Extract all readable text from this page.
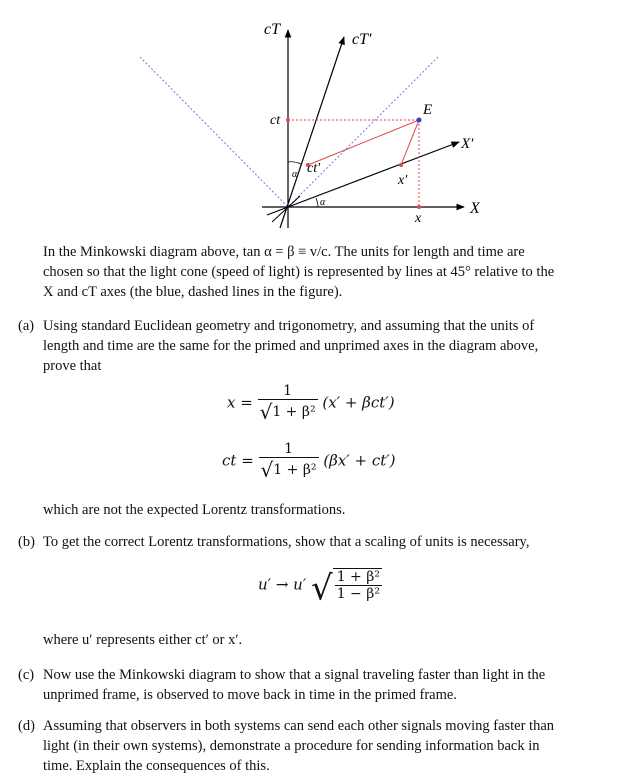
cT
cT′
ct
E
X′
α ct′
x′
α	X
x
In the Minkowski diagram above, tan α = β ≡ v/c. The units for length and time are
chosen so that the light cone (speed of light) is represented by lines at 45° relative to the
X and cT axes (the blue, dashed lines in the figure).
(a) Using standard Euclidean geometry and trigonometry, and assuming that the units of
length and time are the same for the primed and unprimed axes in the diagram above,
prove that
$x = \frac{1}{\text{√1 + β²}} (x' + \beta ct')$
ct = $\frac{1}{\text{√1 + β²}} (\beta x' + ct')$
which are not the expected Lorentz transformations.
(b) To get the correct Lorentz transformations, show that a scaling of units is necessary,
u′ → u′ √ $\frac{\text{1 + β²}}{\text{1 − β²}}$
where u′ represents either ct′ or x′.
(c) Now use the Minkowski diagram to show that a signal traveling faster than light in the
unprimed frame, is observed to move back in time in the primed frame.
(d) Assuming that observers in both systems can send each other signals moving faster than
light (in their own systems), demonstrate a procedure for sending information back in
time. Explain the consequences of this.
